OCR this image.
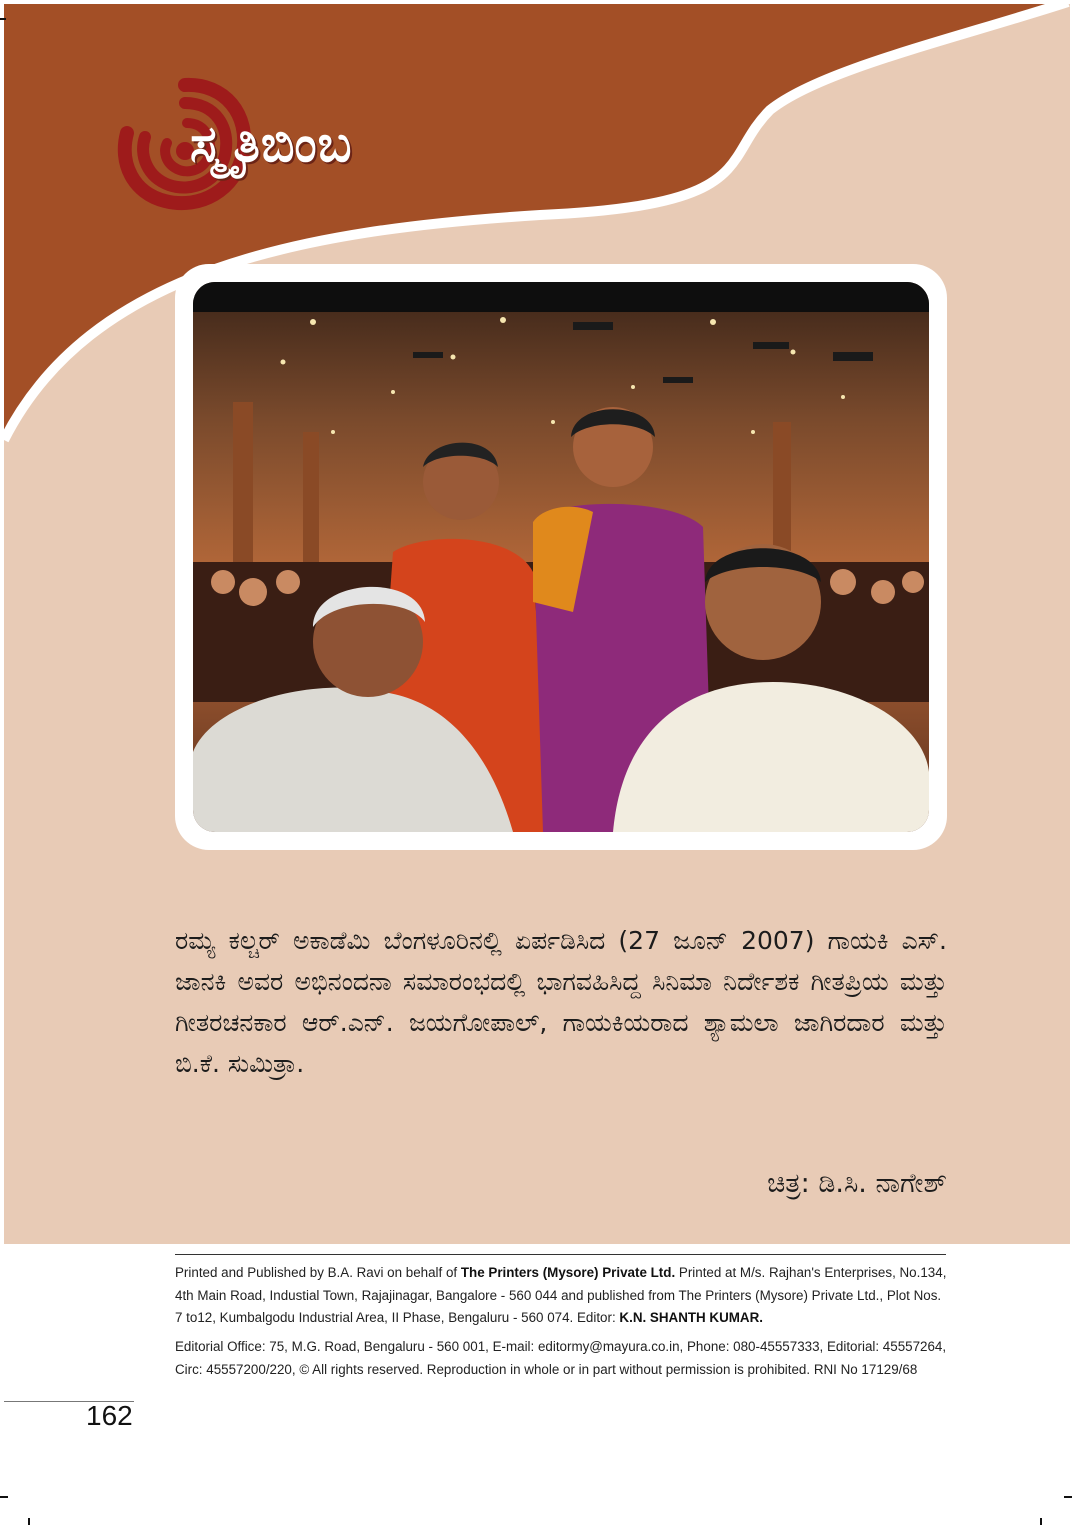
ಸ್ಮೃತಿಬಿಂಬ
ರಮ್ಯ ಕಲ್ಚರ್ ಅಕಾಡೆಮಿ ಬೆಂಗಳೂರಿನಲ್ಲಿ ಏರ್ಪಡಿಸಿದ (27 ಜೂನ್ 2007) ಗಾಯಕಿ ಎಸ್. ಜಾನಕಿ ಅವರ ಅಭಿನಂದನಾ ಸಮಾರಂಭದಲ್ಲಿ ಭಾಗವಹಿಸಿದ್ದ ಸಿನಿಮಾ ನಿರ್ದೇಶಕ ಗೀತಪ್ರಿಯ ಮತ್ತು ಗೀತರಚನಕಾರ ಆರ್.ಎನ್. ಜಯಗೋಪಾಲ್, ಗಾಯಕಿಯರಾದ ಶ್ಯಾಮಲಾ ಜಾಗಿರದಾರ ಮತ್ತು ಬಿ.ಕೆ. ಸುಮಿತ್ರಾ.
ಚಿತ್ರ: ಡಿ.ಸಿ. ನಾಗೇಶ್
Printed and Published by B.A. Ravi on behalf of The Printers (Mysore) Private Ltd. Printed at M/s. Rajhan's Enterprises, No.134, 4th Main Road, Industial Town, Rajajinagar, Bangalore - 560 044 and published from The Printers (Mysore) Private Ltd., Plot Nos. 7 to12, Kumbalgodu Industrial Area, II Phase, Bengaluru - 560 074. Editor: K.N. SHANTH KUMAR.
Editorial Office: 75, M.G. Road, Bengaluru - 560 001, E-mail: editormy@mayura.co.in, Phone: 080-45557333, Editorial: 45557264, Circ: 45557200/220, © All rights reserved. Reproduction in whole or in part without permission is prohibited. RNI No 17129/68
162
